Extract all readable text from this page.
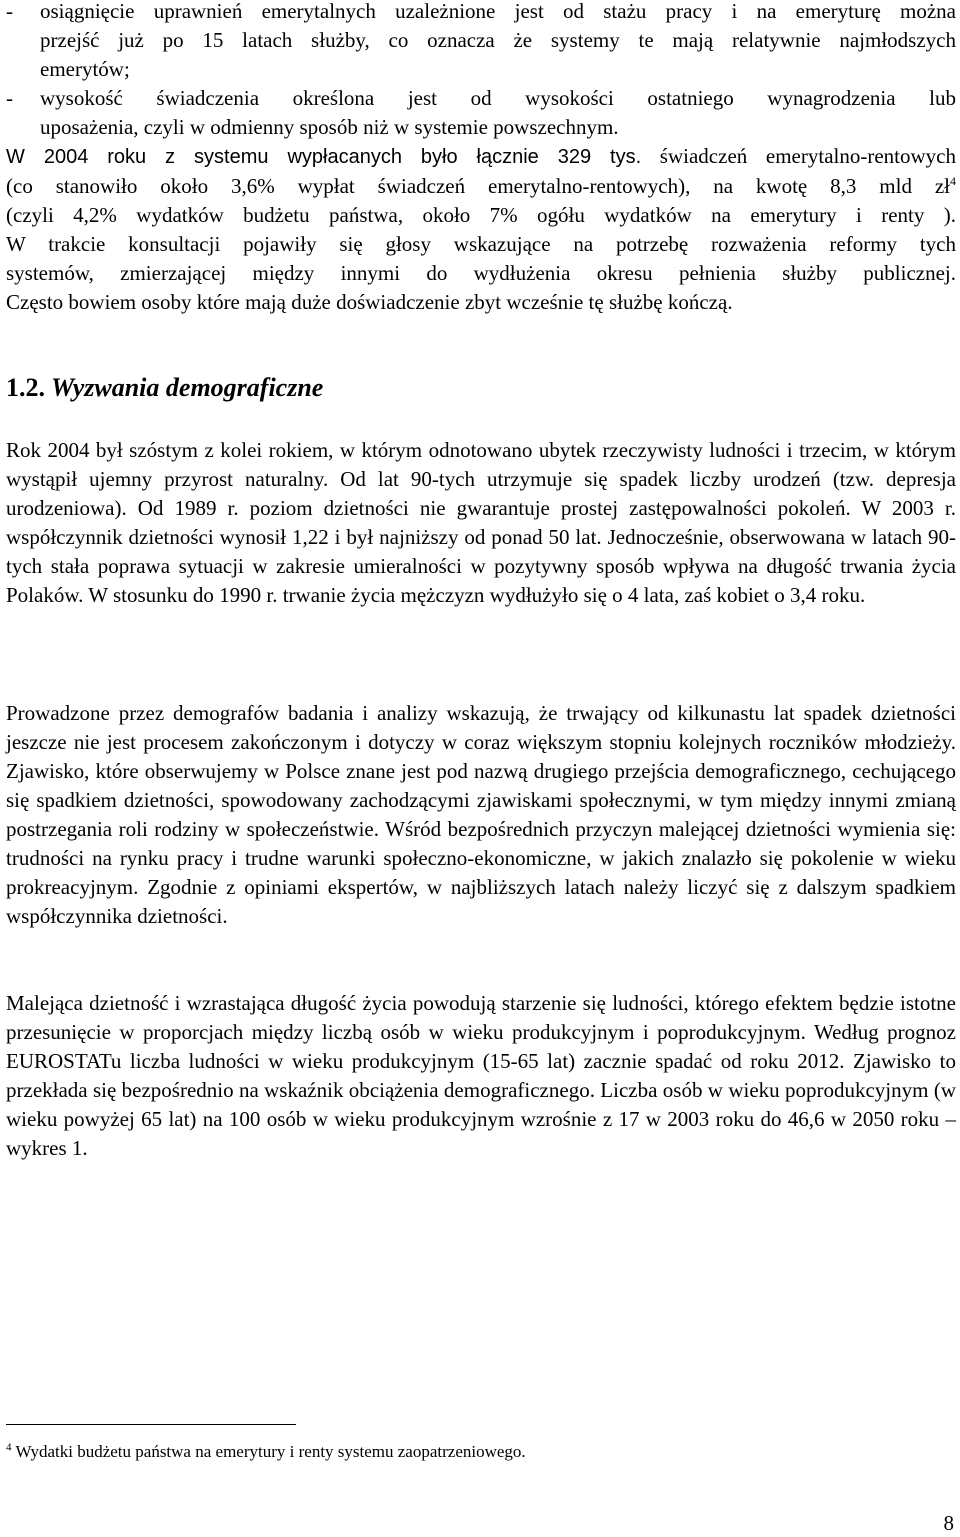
- osiągnięcie uprawnień emerytalnych uzależnione jest od stażu pracy i na emeryturę można
przejść już po 15 latach służby, co oznacza że systemy te mają relatywnie najmłodszych
emerytów;
- wysokość świadczenia określona jest od wysokości ostatniego wynagrodzenia lub
uposażenia, czyli w odmienny sposób niż w systemie powszechnym.
W 2004 roku z systemu wypłacanych było łącznie 329 tys. świadczeń emerytalno-rentowych
(co stanowiło około 3,6% wypłat świadczeń emerytalno-rentowych), na kwotę 8,3 mld zł$^4$
(czyli 4,2% wydatków budżetu państwa, około 7% ogółu wydatków na emerytury i renty ).
W trakcie konsultacji pojawiły się głosy wskazujące na potrzebę rozważenia reformy tych
systemów, zmierzającej między innymi do wydłużenia okresu pełnienia służby publicznej.
Często bowiem osoby które mają duże doświadczenie zbyt wcześnie tę służbę kończą.
1.2. Wyzwania demograficzne

Rok 2004 był szóstym z kolei rokiem, w którym odnotowano ubytek rzeczywisty ludności i trzecim, w którym wystąpił ujemny przyrost naturalny. Od lat 90-tych utrzymuje się spadek liczby urodzeń (tzw. depresja urodzeniowa). Od 1989 r. poziom dzietności nie gwarantuje prostej zastępowalności pokoleń. W 2003 r. współczynnik dzietności wynosił 1,22 i był najniższy od ponad 50 lat. Jednocześnie, obserwowana w latach 90-tych stała poprawa sytuacji w zakresie umieralności w pozytywny sposób wpływa na długość trwania życia Polaków. W stosunku do 1990 r. trwanie życia mężczyzn wydłużyło się o 4 lata, zaś kobiet o 3,4 roku.

Prowadzone przez demografów badania i analizy wskazują, że trwający od kilkunastu lat spadek dzietności jeszcze nie jest procesem zakończonym i dotyczy w coraz większym stopniu kolejnych roczników młodzieży. Zjawisko, które obserwujemy w Polsce znane jest pod nazwą drugiego przejścia demograficznego, cechującego się spadkiem dzietności, spowodowany zachodzącymi zjawiskami społecznymi, w tym między innymi zmianą postrzegania roli rodziny w społeczeństwie. Wśród bezpośrednich przyczyn malejącej dzietności wymienia się: trudności na rynku pracy i trudne warunki społeczno-ekonomiczne, w jakich znalazło się pokolenie w wieku prokreacyjnym. Zgodnie z opiniami ekspertów, w najbliższych latach należy liczyć się z dalszym spadkiem współczynnika dzietności.

Malejąca dzietność i wzrastająca długość życia powodują starzenie się ludności, którego efektem będzie istotne przesunięcie w proporcjach między liczbą osób w wieku produkcyjnym i poprodukcyjnym. Według prognoz EUROSTATu liczba ludności w wieku produkcyjnym (15-65 lat) zacznie spadać od roku 2012. Zjawisko to przekłada się bezpośrednio na wskaźnik obciążenia demograficznego. Liczba osób w wieku poprodukcyjnym (w wieku powyżej 65 lat) na 100 osób w wieku produkcyjnym wzrośnie z 17 w 2003 roku do 46,6 w 2050 roku – wykres 1.

$^4$ Wydatki budżetu państwa na emerytury i renty systemu zaopatrzeniowego.

8
